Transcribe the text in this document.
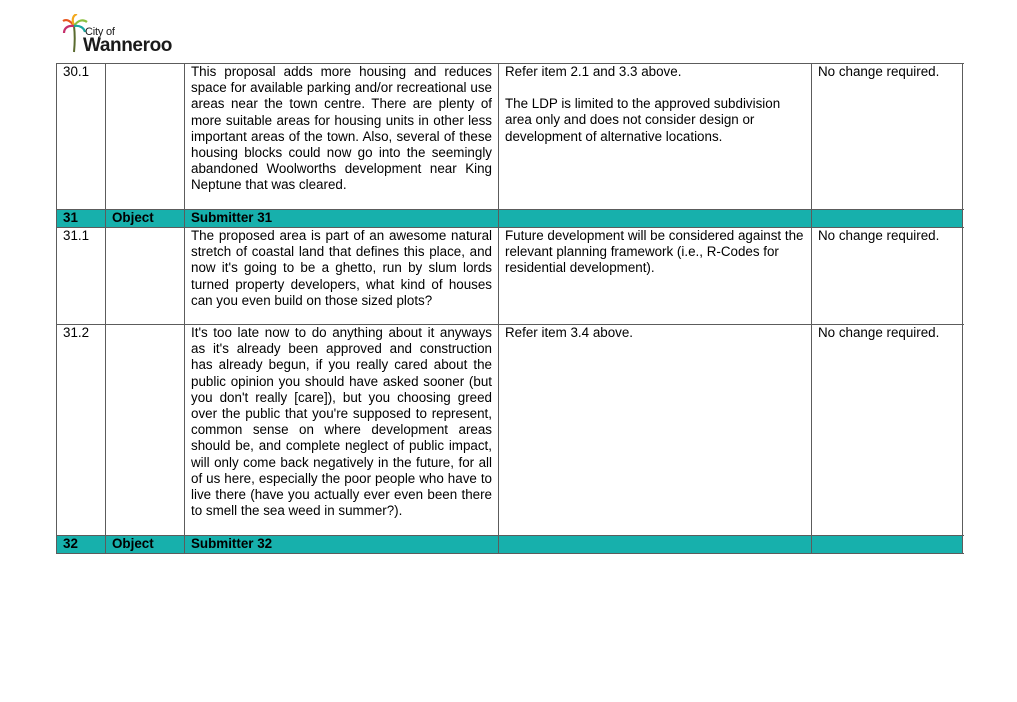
City of
Wanneroo
30.1		This proposal adds more housing and reduces space for available parking and/or recreational use areas near the town centre. There are plenty of more suitable areas for housing units in other less important areas of the town. Also, several of these housing blocks could now go into the seemingly abandoned Woolworths development near King Neptune that was cleared.	Refer item 2.1 and 3.3 above.
The LDP is limited to the approved subdivision area only and does not consider design or development of alternative locations.	No change required.
31	Object	Submitter 31		
31.1		The proposed area is part of an awesome natural stretch of coastal land that defines this place, and now it's going to be a ghetto, run by slum lords turned property developers, what kind of houses can you even build on those sized plots?	Future development will be considered against the relevant planning framework (i.e., R-Codes for residential development).	No change required.
31.2		It's too late now to do anything about it anyways as it's already been approved and construction has already begun, if you really cared about the public opinion you should have asked sooner (but you don't really [care]), but you choosing greed over the public that you're supposed to represent, common sense on where development areas should be, and complete neglect of public impact, will only come back negatively in the future, for all of us here, especially the poor people who have to live there (have you actually ever even been there to smell the sea weed in summer?).	Refer item 3.4 above.	No change required.
32	Object	Submitter 32		
